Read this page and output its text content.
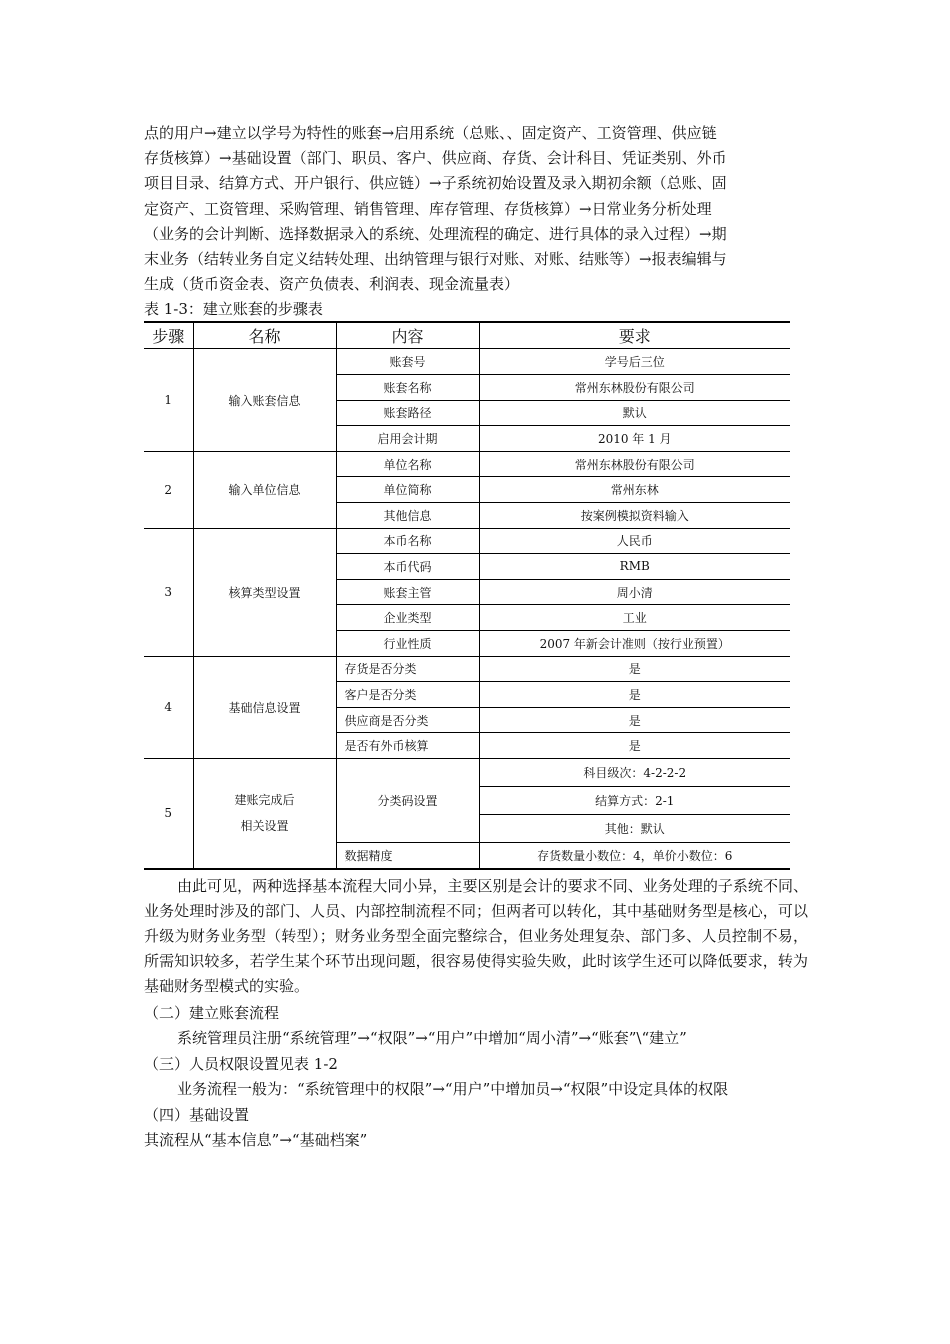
点的用户→建立以学号为特性的账套→启用系统（总账、、固定资产、工资管理、供应链

存货核算）→基础设置（部门、职员、客户、供应商、存货、会计科目、凭证类别、外币

项目目录、结算方式、开户银行、供应链）→子系统初始设置及录入期初余额（总账、固

定资产、工资管理、采购管理、销售管理、库存管理、存货核算）→日常业务分析处理

（业务的会计判断、选择数据录入的系统、处理流程的确定、进行具体的录入过程）→期

末业务（结转业务自定义结转处理、出纳管理与银行对账、对账、结账等）→报表编辑与

生成（货币资金表、资产负债表、利润表、现金流量表）

表 1-3：建立账套的步骤表

步骤	名称	内容	要求
1	输入账套信息	账套号	学号后三位
		账套名称	常州东林股份有限公司
		账套路径	默认
		启用会计期	2010 年 1 月
2	输入单位信息	单位名称	常州东林股份有限公司
		单位简称	常州东林
		其他信息	按案例模拟资料输入
3	核算类型设置	本币名称	人民币
		本币代码	RMB
		账套主管	周小清
		企业类型	工业
		行业性质	2007 年新会计准则（按行业预置）
4	基础信息设置	存货是否分类	是
		客户是否分类	是
		供应商是否分类	是
		是否有外币核算	是
5	建账完成后
相关设置	分类码设置	科目级次：4-2-2-2
			结算方式：2-1
			其他：默认
		数据精度	存货数量小数位：4，单价小数位：6

由此可见，两种选择基本流程大同小异，主要区别是会计的要求不同、业务处理的子系统不同、业务处理时涉及的部门、人员、内部控制流程不同；但两者可以转化，其中基础财务型是核心，可以升级为财务业务型（转型）；财务业务型全面完整综合，但业务处理复杂、部门多、人员控制不易，所需知识较多，若学生某个环节出现问题，很容易使得实验失败，此时该学生还可以降低要求，转为基础财务型模式的实验。

（二）建立账套流程

系统管理员注册“系统管理”→“权限”→“用户”中增加“周小清”→“账套”\“建立”

（三）人员权限设置见表 1-2

业务流程一般为：“系统管理中的权限”→“用户”中增加员→“权限”中设定具体的权限

（四）基础设置

其流程从“基本信息”→“基础档案”
